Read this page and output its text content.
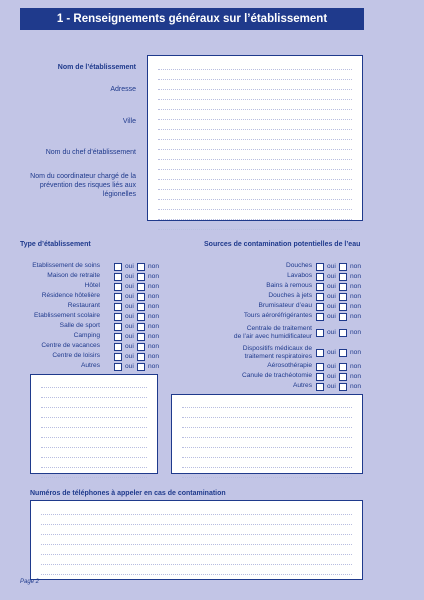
1 - Renseignements généraux sur l’établissement
Nom de l’établissement
Adresse
Ville
Nom du chef d’établissement
Nom du coordinateur chargé de la
prévention des risques liés aux
légionelles
Type d’établissement	Sources de contamination potentielles de l’eau
Etablissement de soins	oui non
Maison de retraite	oui non
Hôtel	oui non
Résidence hôtelière	oui non
Restaurant	oui non
Etablissement scolaire	oui non
Salle de sport	oui non
Camping	oui non
Centre de vacances	oui non
Centre de loisirs	oui non
Autres	oui non
Douches oui non
Lavabos oui non
Bains à remous oui non
Douches à jets oui non
Brumisateur d’eau oui non
Tours aéroréfrigérantes oui non
Centrale de traitement
de l’air avec humidificateur oui non
Dispositifs médicaux de
traitement respiratoires oui non
Aérosothérapie oui non
Canule de trachéotomie oui non
Autres oui non
Numéros de téléphones à appeler en cas de contamination
Page 2
